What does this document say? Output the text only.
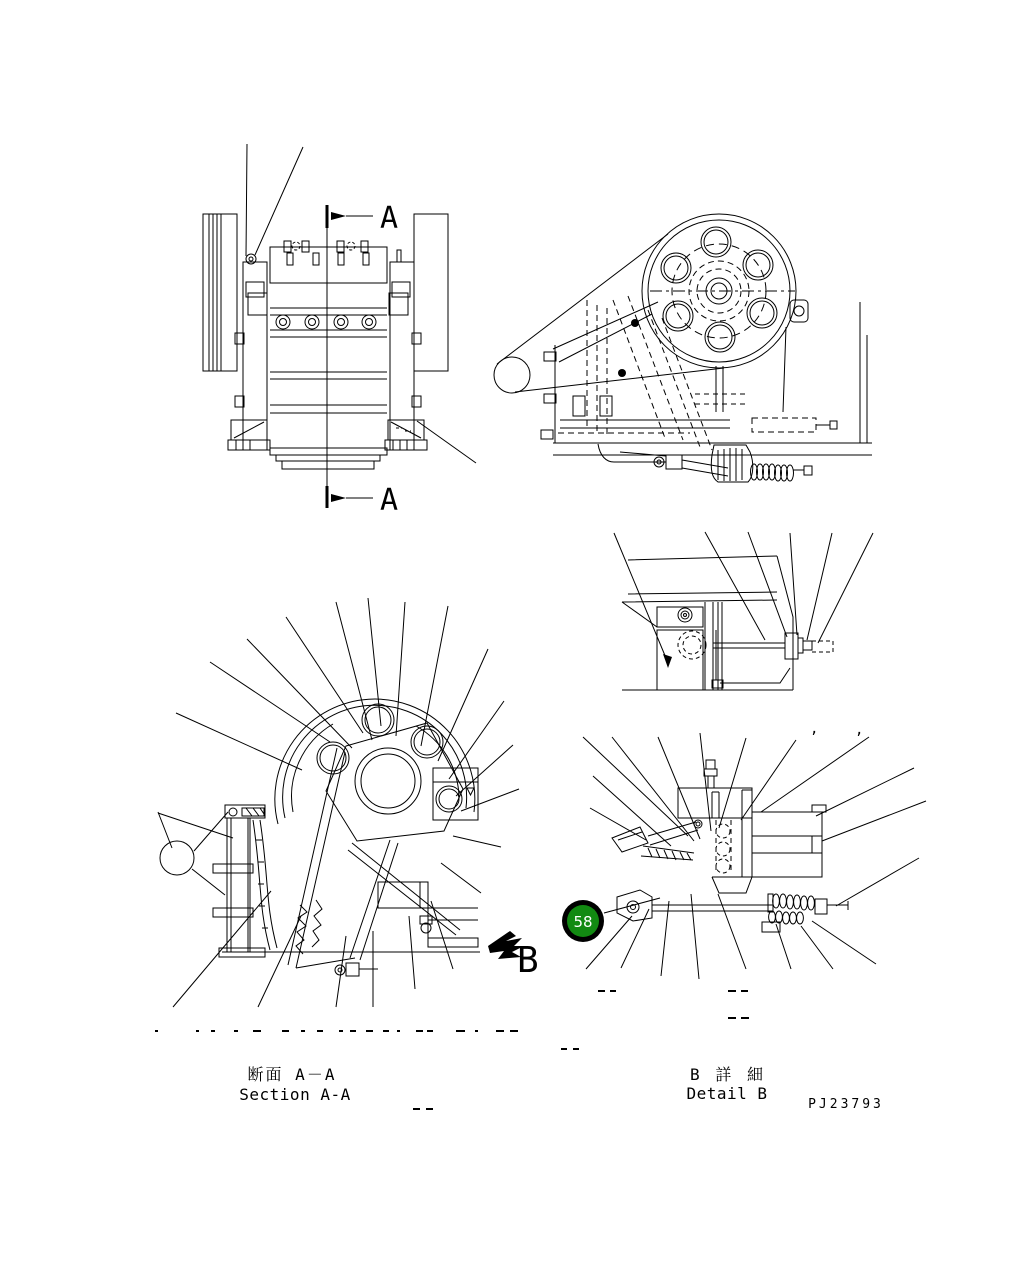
A
A
B
,	,
断面 A－A
Section A-A
B 詳 細
Detail B
PJ23793
58
